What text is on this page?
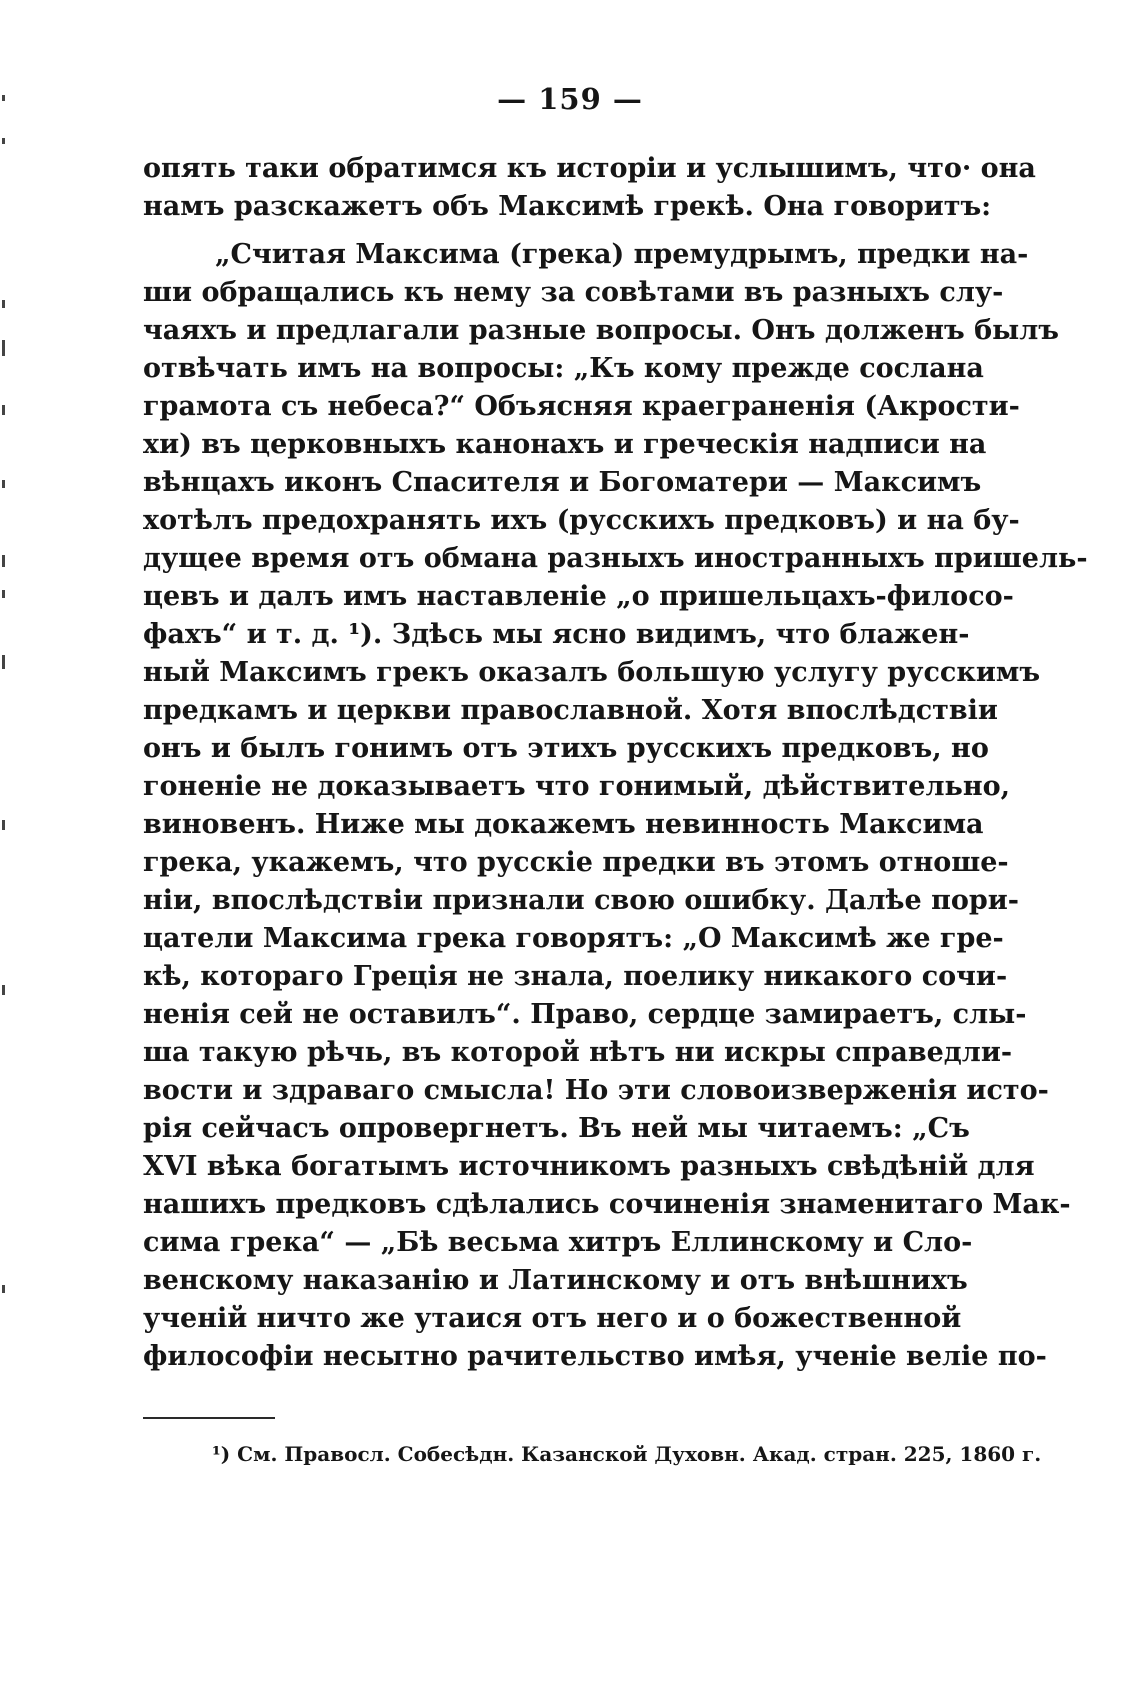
— 159 —
опять таки обратимся къ исторіи и услышимъ, что· она
намъ разскажетъ объ Максимѣ грекѣ. Она говоритъ:
„Считая Максима (грека) премудрымъ, предки на-
ши обращались къ нему за совѣтами въ разныхъ слу-
чаяхъ и предлагали разные вопросы. Онъ долженъ былъ
отвѣчать имъ на вопросы: „Къ кому прежде сослана
грамота съ небеса?“ Объясняя краеграненія (Акрости-
хи) въ церковныхъ канонахъ и греческія надписи на
вѣнцахъ иконъ Спасителя и Богоматери — Максимъ
хотѣлъ предохранять ихъ (русскихъ предковъ) и на бу-
дущее время отъ обмана разныхъ иностранныхъ пришель-
цевъ и далъ имъ наставленіе „о пришельцахъ-филосо-
фахъ“ и т. д. ¹). Здѣсь мы ясно видимъ, что блажен-
ный Максимъ грекъ оказалъ большую услугу русскимъ
предкамъ и церкви православной. Хотя впослѣдствіи
онъ и былъ гонимъ отъ этихъ русскихъ предковъ, но
гоненіе не доказываетъ что гонимый, дѣйствительно,
виновенъ. Ниже мы докажемъ невинность Максима
грека, укажемъ, что русскіе предки въ этомъ отноше-
ніи, впослѣдствіи признали свою ошибку. Далѣе пори-
цатели Максима грека говорятъ: „О Максимѣ же гре-
кѣ, котораго Греція не знала, поелику никакого сочи-
ненія сей не оставилъ“. Право, сердце замираетъ, слы-
ша такую рѣчь, въ которой нѣтъ ни искры справедли-
вости и здраваго смысла! Но эти словоизверженія исто-
рія сейчасъ опровергнетъ. Въ ней мы читаемъ: „Съ
XVI вѣка богатымъ источникомъ разныхъ свѣдѣній для
нашихъ предковъ сдѣлались сочиненія знаменитаго Мак-
сима грека“ — „Бѣ весьма хитръ Еллинскому и Сло-
венскому наказанію и Латинскому и отъ внѣшнихъ
ученій ничто же утаися отъ него и о божественной
философіи несытно рачительство имѣя, ученіе веліе по-
¹) См. Правосл. Собесѣдн. Казанской Духовн. Акад. стран. 225, 1860 г.
